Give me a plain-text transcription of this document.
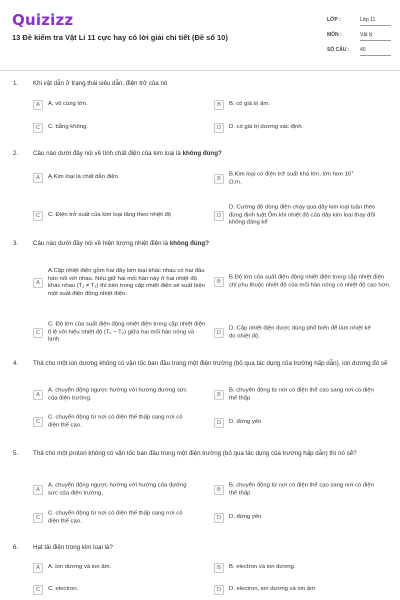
Quizizz
13 Đề kiểm tra Vật Lí 11 cực hay có lời giải chi tiết (Đề số 10)
LỚP :	Lớp 11
MÔN :	Vật lý
SỐ CÂU : 40
1. Khi vật dẫn ở trạng thái siêu dẫn, điện trở của nó
A	A. vô cùng lớn.	B	B. có giá trị âm.
C	C. bằng không.	D	D. có giá trị dương xác định
2. Câu nào dưới đây nói về tính chất điện của kim loại là không đúng?
A	A.Kim loại là chất dẫn điện.	B
B.Kim loại có điện trở suất khá lớn, lớn hơn $10^7$
Ω.m.
C	C. Điện trở suất của kim loại tăng theo nhiệt độ	D
D. Cường độ dòng điện chạy qua dây kim loại tuân theo đúng định luật Ôm khi nhiệt độ của dây kim loại thay đổi không đáng kể
3. Câu nào dưới đây nói về hiện tượng nhiệt điện là không đúng?
A
A.Cặp nhiệt điện gồm hai dây kim loại khác nhau có hai đầu hàn nối với nhau. Nếu giữ hai mối hàn này ở hai nhiệt độ khác nhau (T₁ ≠ T₂) thì bên trong cặp nhiệt điện sẽ xuất hiện một suất điện động nhiệt điện.
B
B.Độ lớn của suất điện động nhiệt điện trong cặp nhiệt điện chỉ phụ thuộc nhiệt độ của mối hàn nóng có nhiệt độ cao hơn.
C
C. Độ lớn của suất điện động nhiệt điện trong cặp nhiệt điện tỉ lệ với hiệu nhiệt độ (T₁ − T₂) giữa hai mối hàn nóng và lạnh.
D
D. Cặp nhiệt điện được dùng phổ biến để làm nhiệt kế đo nhiệt độ.
4. Thả cho một ion dương không có vận tốc ban đầu trong một điện trường (bỏ qua tác dụng của trường hấp dẫn), ion dương đó sẽ
A
A. chuyển động ngược hướng với hướng đường sức của điện trường.	B
B. chuyển động từ nơi có điện thế cao sang nơi có điện thế thấp
C
C. chuyển động từ nơi có điện thế thấp sang nơi có điện thế cao.	D	D. đứng yên
5. Thả cho một proton không có vận tốc ban đầu trong một điện trường (bỏ qua tác dụng của trường hấp dẫn) thì nó sẽ?
A
A. chuyển động ngược hướng với hướng của đường sức của điện trường.	B
B. chuyển động từ nơi có điện thế cao sang nơi có điện thế thấp
C
C. chuyển động từ nơi có điện thế thấp sang nơi có điện thế cao.	D	D. đứng yên
6. Hạt tải điện trong kim loại là?
A	A. ion dương và ion âm.	B	B. electron và ion dương.
C	C. electron.	D	D. electron, ion dương và ion âm
